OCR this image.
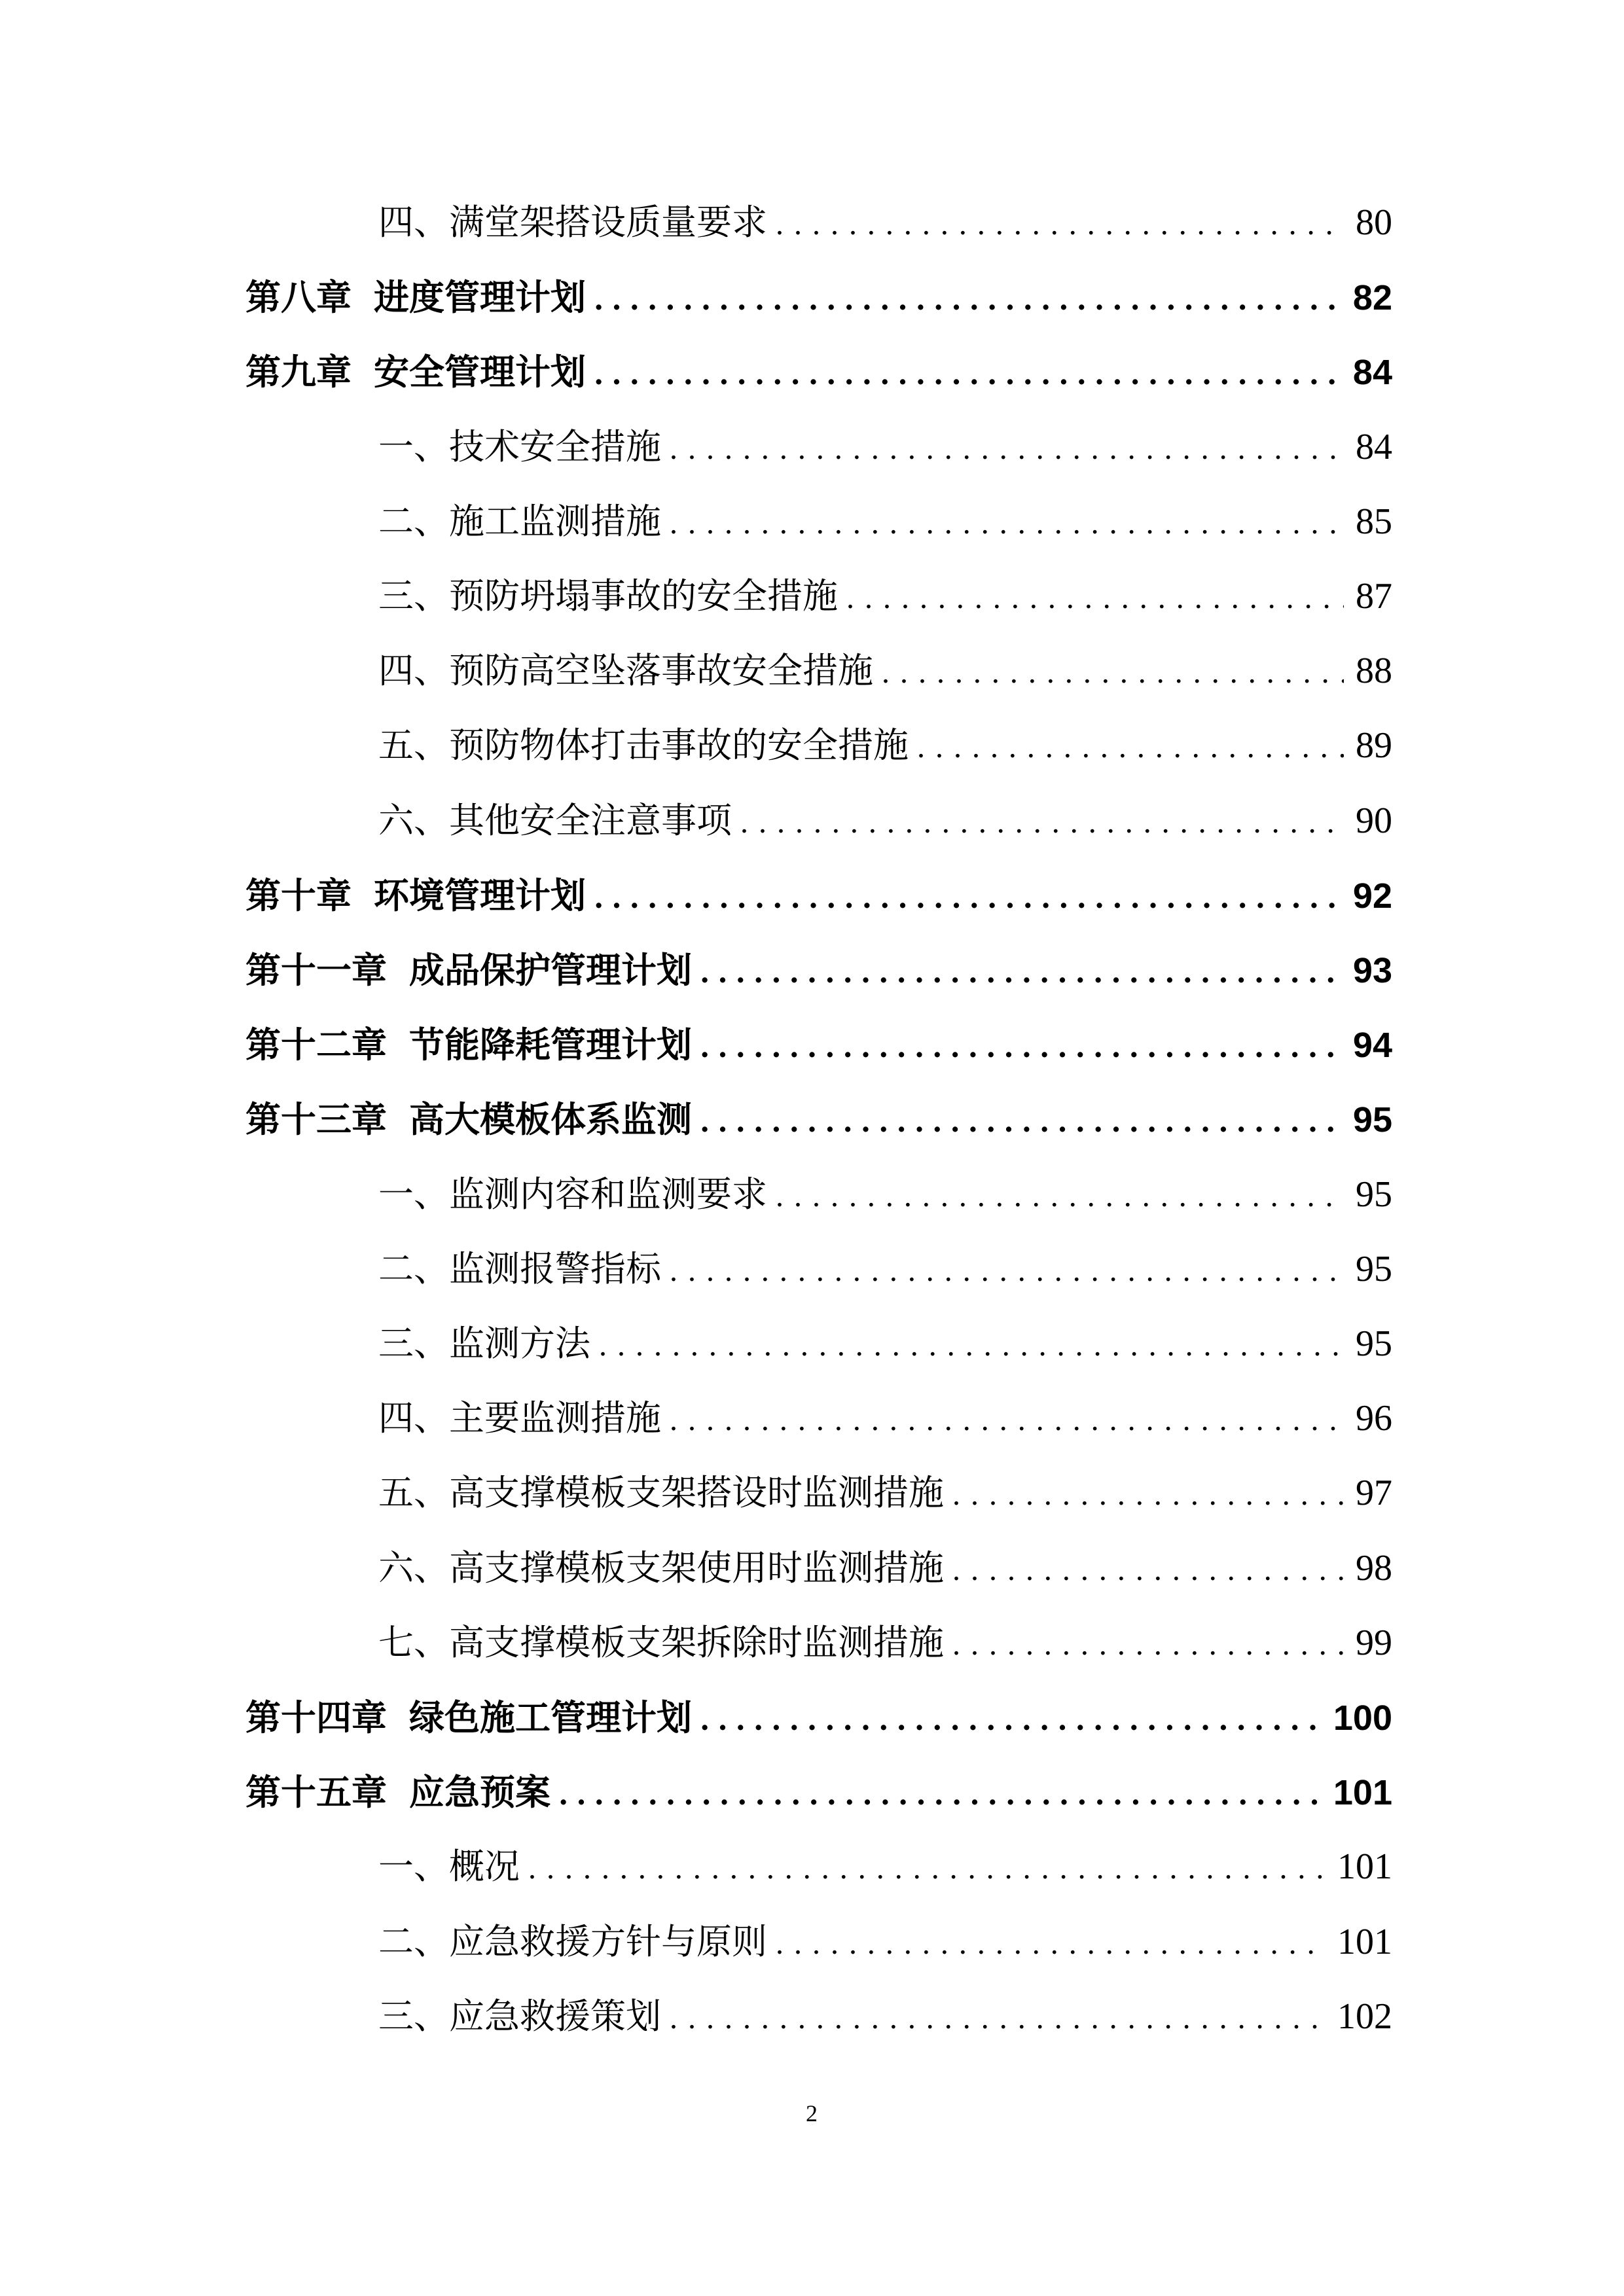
四、满堂架搭设质量要求 .....	80
第八章 进度管理计划 .....	82
第九章 安全管理计划 .....	84
一、技术安全措施 .....	84
二、施工监测措施 .....	85
三、预防坍塌事故的安全措施 .....	87
四、预防高空坠落事故安全措施 .....	88
五、预防物体打击事故的安全措施 .....	89
六、其他安全注意事项 .....	90
第十章 环境管理计划 .....	92
第十一章 成品保护管理计划 .....	93
第十二章 节能降耗管理计划 .....	94
第十三章 高大模板体系监测 .....	95
一、监测内容和监测要求 .....	95
二、监测报警指标 .....	95
三、监测方法 .....	95
四、主要监测措施 .....	96
五、高支撑模板支架搭设时监测措施 .....	97
六、高支撑模板支架使用时监测措施 .....	98
七、高支撑模板支架拆除时监测措施 .....	99
第十四章 绿色施工管理计划 .....	100
第十五章 应急预案 .....	101
一、概况 .....	101
二、应急救援方针与原则 .....	101
三、应急救援策划 .....	102
2
